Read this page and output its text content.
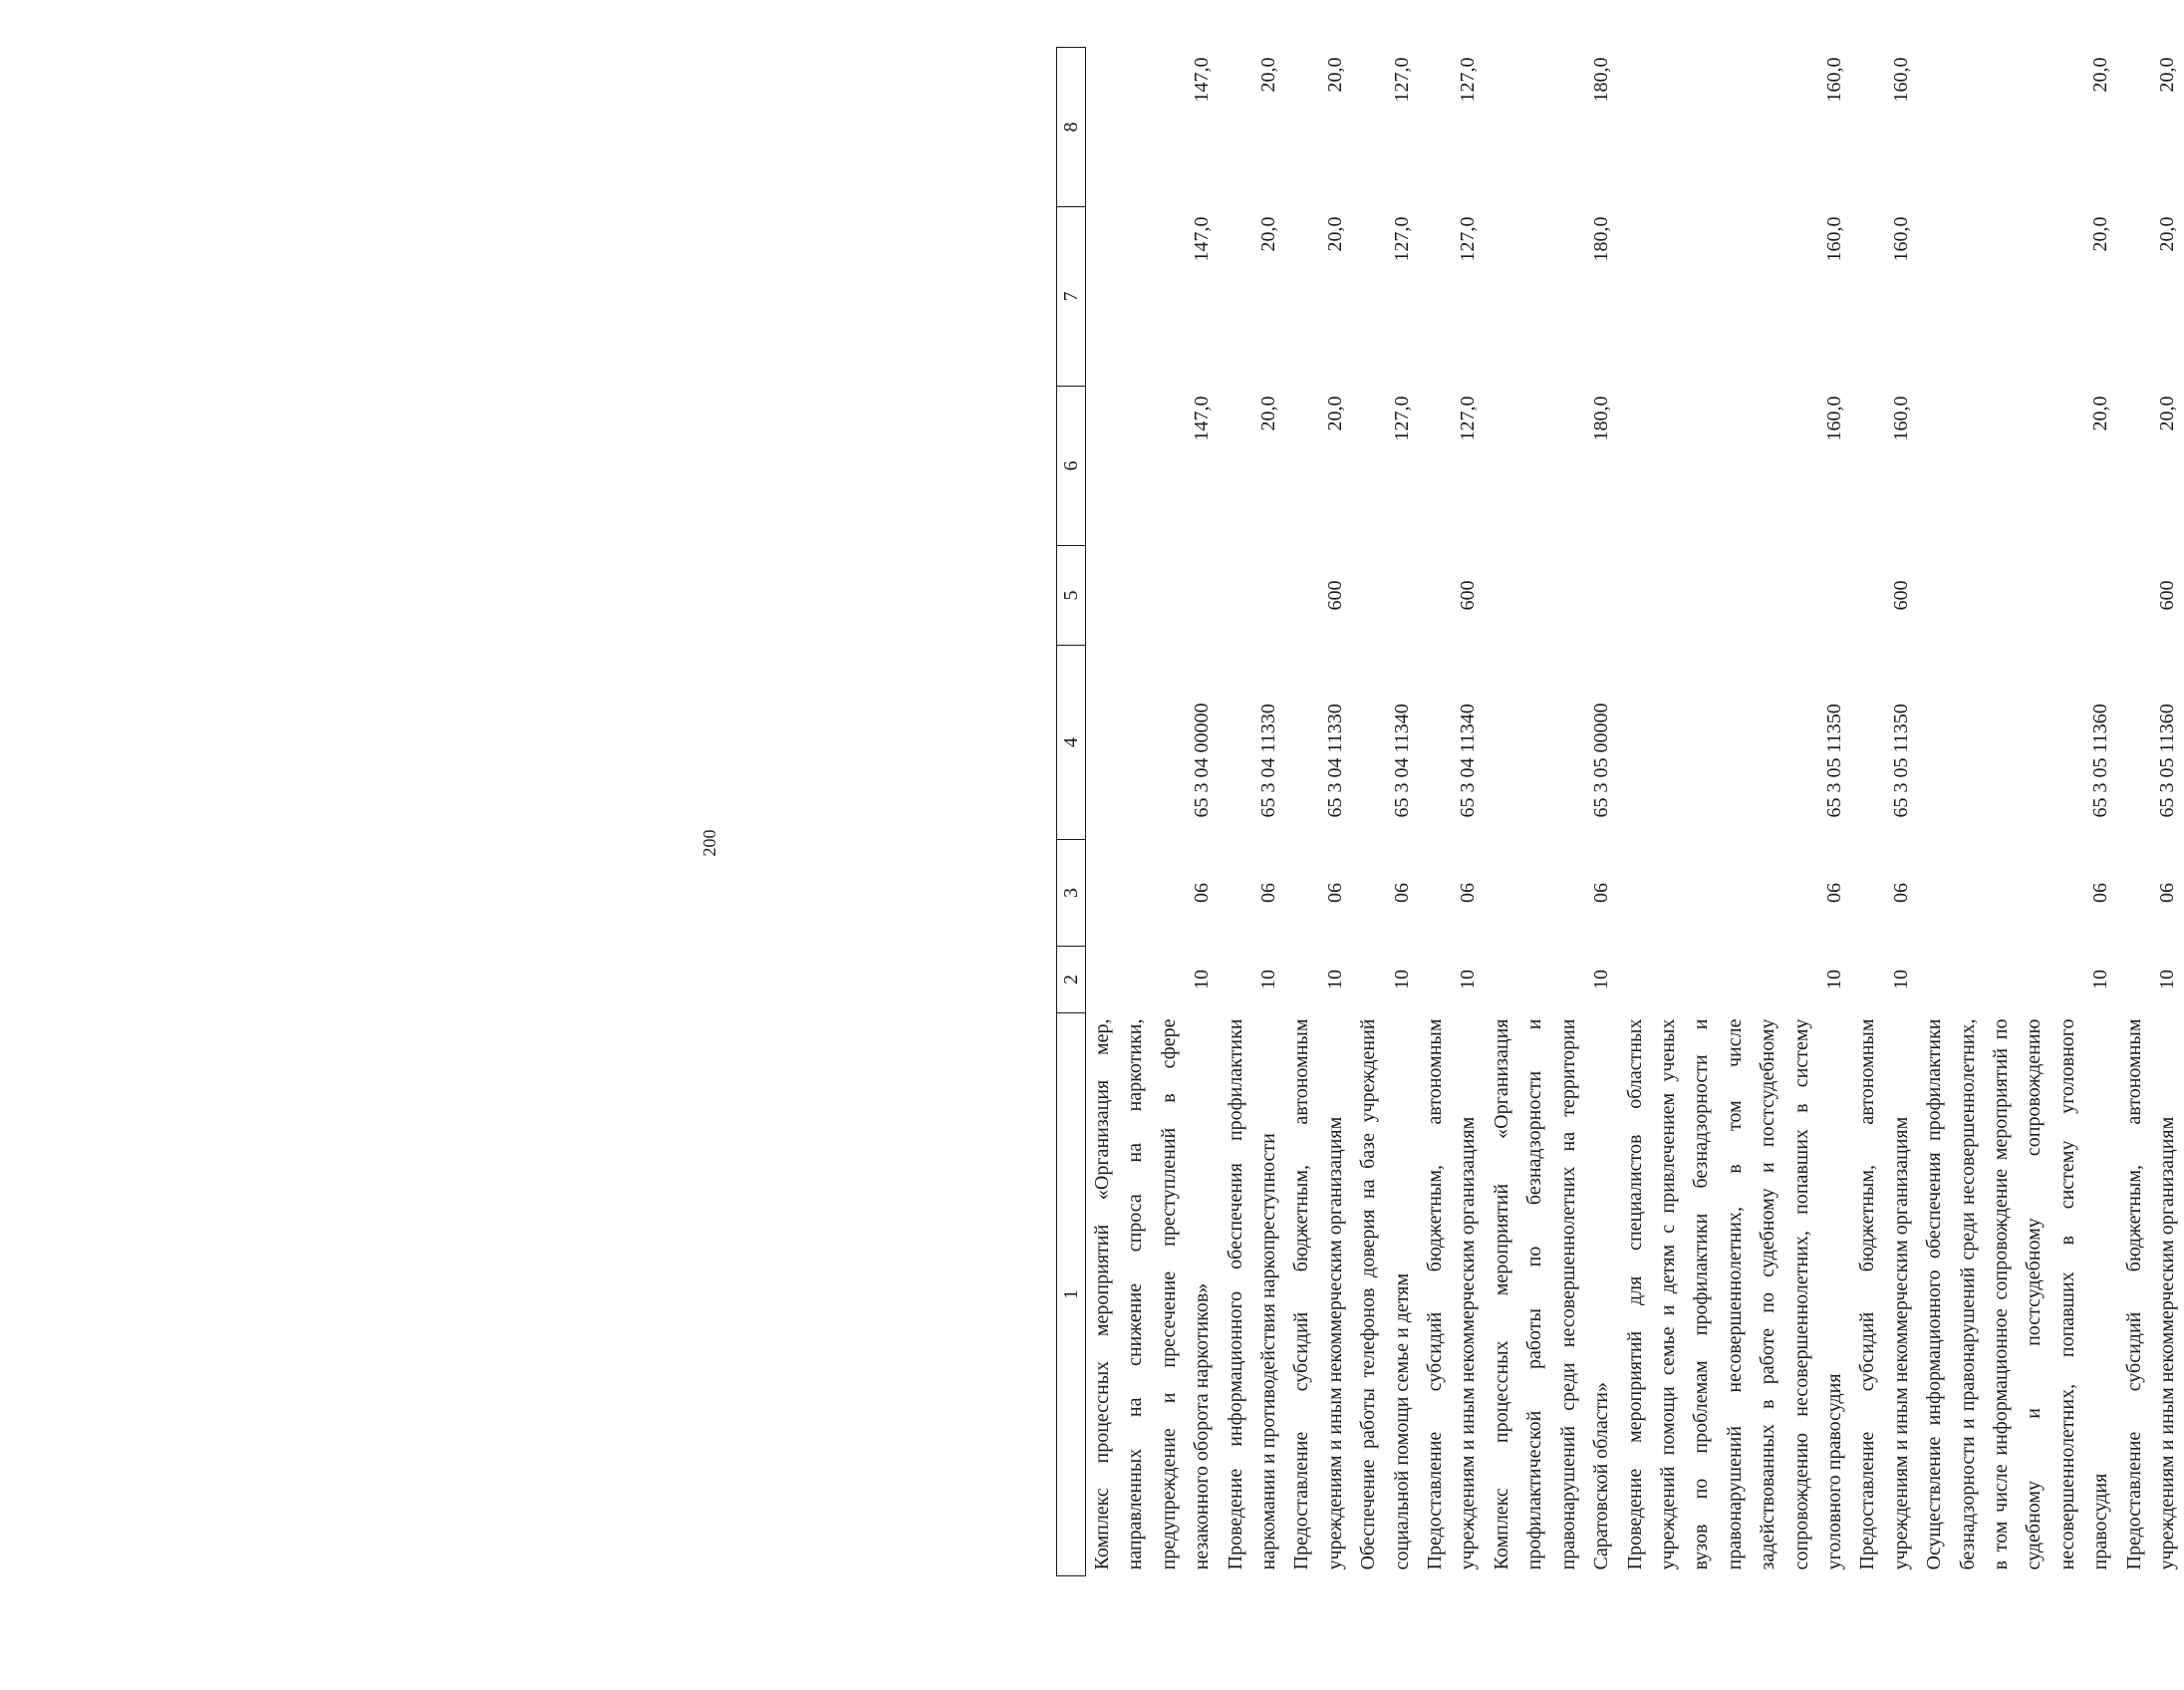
200
1	2	3	4	5	6	7	8
Комплекс процессных мероприятий «Организация мер, направленных на снижение спроса на наркотики, предупреждение и пресечение преступлений в сфере незаконного оборота наркотиков»	10	06	65 3 04 00000		147,0	147,0	147,0
Проведение информационного обеспечения профилактики наркомании и противодействия наркопреступности	10	06	65 3 04 11330		20,0	20,0	20,0
Предоставление субсидий бюджетным, автономным учреждениям и иным некоммерческим организациям	10	06	65 3 04 11330	600	20,0	20,0	20,0
Обеспечение работы телефонов доверия на базе учреждений социальной помощи семье и детям	10	06	65 3 04 11340		127,0	127,0	127,0
Предоставление субсидий бюджетным, автономным учреждениям и иным некоммерческим организациям	10	06	65 3 04 11340	600	127,0	127,0	127,0
Комплекс процессных мероприятий «Организация профилактической работы по безнадзорности и правонарушений среди несовершеннолетних на территории Саратовской области»	10	06	65 3 05 00000		180,0	180,0	180,0
Проведение мероприятий для специалистов областных учреждений помощи семье и детям с привлечением ученых вузов по проблемам профилактики безнадзорности и правонарушений несовершеннолетних, в том числе задействованных в работе по судебному и постсудебному сопровождению несовершеннолетних, попавших в систему уголовного правосудия	10	06	65 3 05 11350		160,0	160,0	160,0
Предоставление субсидий бюджетным, автономным учреждениям и иным некоммерческим организациям	10	06	65 3 05 11350	600	160,0	160,0	160,0
Осуществление информационного обеспечения профилактики безнадзорности и правонарушений среди несовершеннолетних, в том числе информационное сопровождение мероприятий по судебному и постсудебному сопровождению несовершеннолетних, попавших в систему уголовного правосудия	10	06	65 3 05 11360		20,0	20,0	20,0
Предоставление субсидий бюджетным, автономным учреждениям и иным некоммерческим организациям	10	06	65 3 05 11360	600	20,0	20,0	20,0
